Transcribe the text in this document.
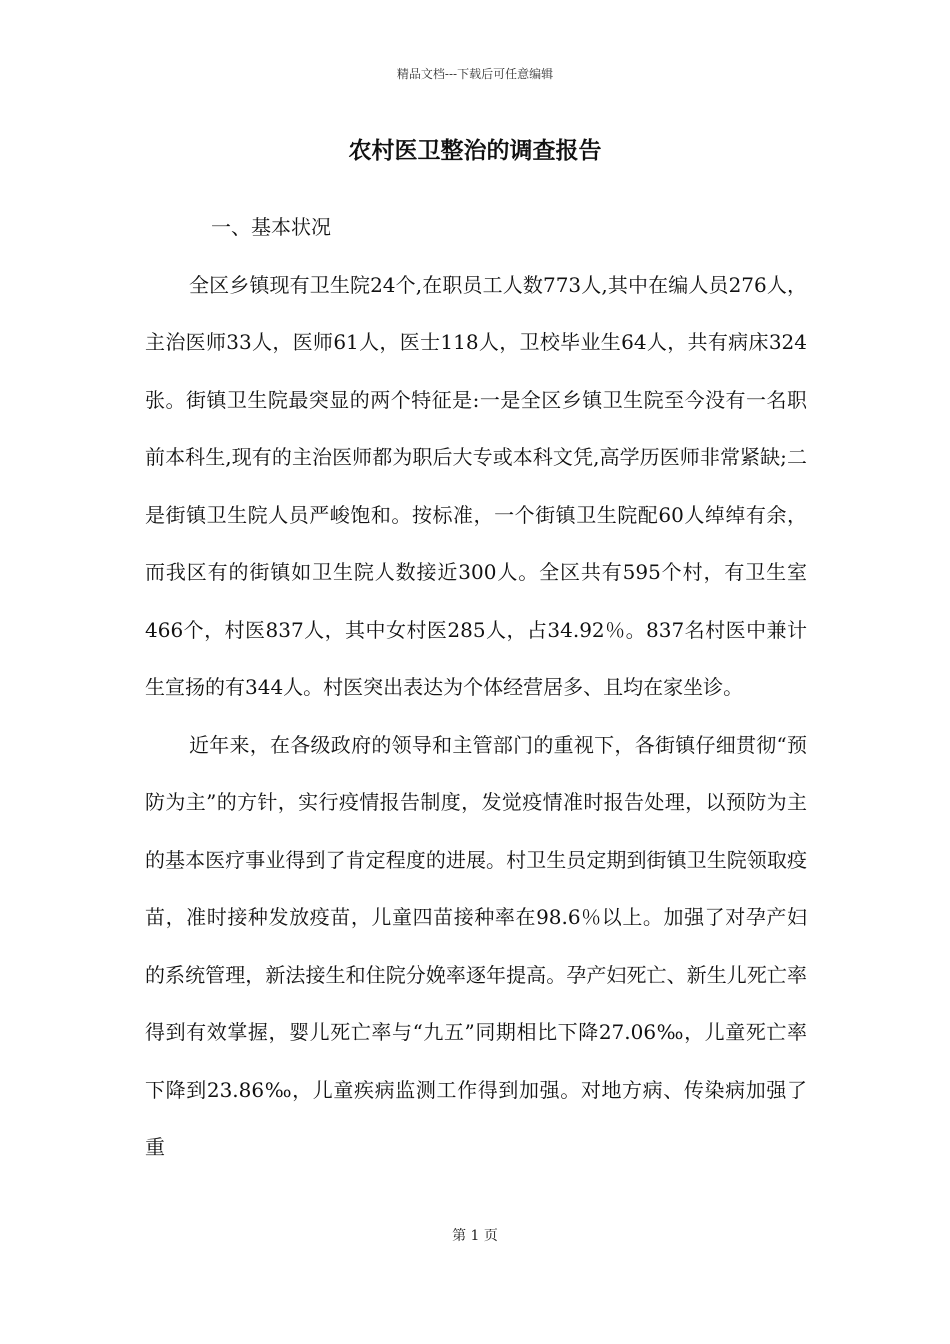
精品文档---下载后可任意编辑
农村医卫整治的调查报告

一、基本状况

全区乡镇现有卫生院24个,在职员工人数773人,其中在编人员276人，主治医师33人，医师61人，医士118人，卫校毕业生64人，共有病床324张。街镇卫生院最突显的两个特征是:一是全区乡镇卫生院至今没有一名职前本科生,现有的主治医师都为职后大专或本科文凭,高学历医师非常紧缺;二是街镇卫生院人员严峻饱和。按标准，一个街镇卫生院配60人绰绰有余，而我区有的街镇如卫生院人数接近300人。全区共有595个村，有卫生室466个，村医837人，其中女村医285人，占34.92％。837名村医中兼计生宣扬的有344人。村医突出表达为个体经营居多、且均在家坐诊。

近年来，在各级政府的领导和主管部门的重视下，各街镇仔细贯彻“预防为主”的方针，实行疫情报告制度，发觉疫情准时报告处理，以预防为主的基本医疗事业得到了肯定程度的进展。村卫生员定期到街镇卫生院领取疫苗，准时接种发放疫苗，儿童四苗接种率在98.6％以上。加强了对孕产妇的系统管理，新法接生和住院分娩率逐年提高。孕产妇死亡、新生儿死亡率得到有效掌握，婴儿死亡率与“九五”同期相比下降27.06‰，儿童死亡率下降到23.86‰，儿童疾病监测工作得到加强。对地方病、传染病加强了重

第 1 页
